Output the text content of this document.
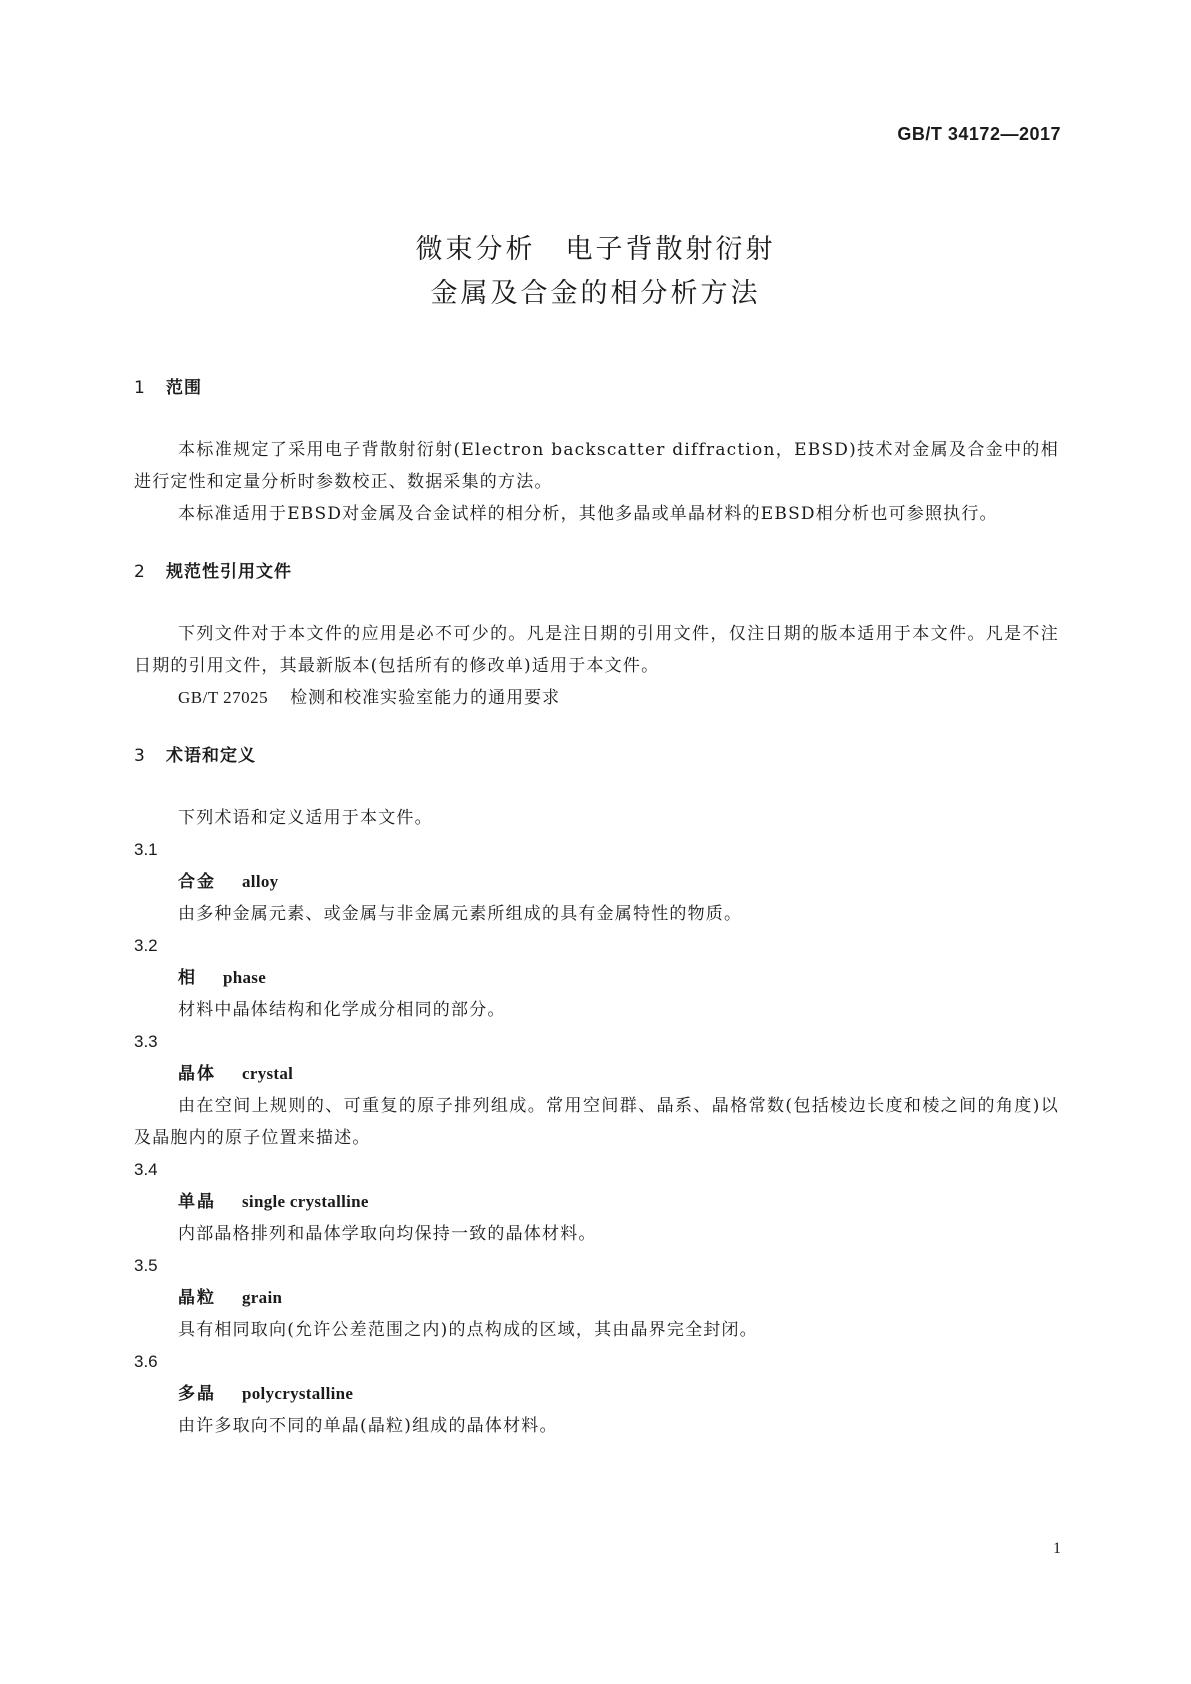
GB/T 34172—2017
微束分析　电子背散射衍射
金属及合金的相分析方法
1 范围
本标准规定了采用电子背散射衍射(Electron backscatter diffraction，EBSD)技术对金属及合金中的相进行定性和定量分析时参数校正、数据采集的方法。
本标准适用于EBSD对金属及合金试样的相分析，其他多晶或单晶材料的EBSD相分析也可参照执行。
2 规范性引用文件
下列文件对于本文件的应用是必不可少的。凡是注日期的引用文件，仅注日期的版本适用于本文件。凡是不注日期的引用文件，其最新版本(包括所有的修改单)适用于本文件。
GB/T 27025 检测和校准实验室能力的通用要求
3 术语和定义
下列术语和定义适用于本文件。
3.1
合金 alloy
由多种金属元素、或金属与非金属元素所组成的具有金属特性的物质。
3.2
相 phase
材料中晶体结构和化学成分相同的部分。
3.3
晶体 crystal
由在空间上规则的、可重复的原子排列组成。常用空间群、晶系、晶格常数(包括棱边长度和棱之间的角度)以及晶胞内的原子位置来描述。
3.4
单晶 single crystalline
内部晶格排列和晶体学取向均保持一致的晶体材料。
3.5
晶粒 grain
具有相同取向(允许公差范围之内)的点构成的区域，其由晶界完全封闭。
3.6
多晶 polycrystalline
由许多取向不同的单晶(晶粒)组成的晶体材料。
1
